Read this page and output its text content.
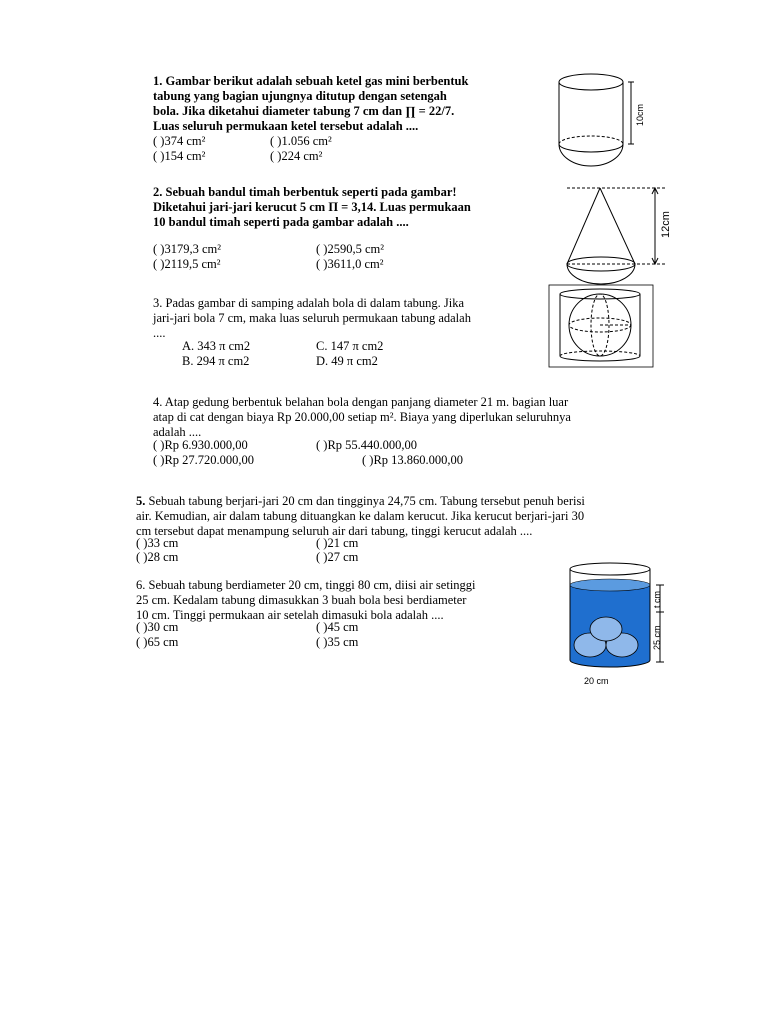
1. Gambar berikut adalah sebuah ketel gas mini berbentuk
tabung yang bagian ujungnya ditutup dengan setengah
bola. Jika diketahui diameter tabung 7 cm dan ∏ = 22/7.
Luas seluruh permukaan ketel tersebut adalah ....
( )374 cm²	( )1.056 cm²
( )154 cm²	( )224 cm²
10cm
2. Sebuah bandul timah berbentuk seperti pada gambar!
Diketahui jari-jari kerucut 5 cm Π = 3,14. Luas permukaan
10 bandul timah seperti pada gambar adalah ....
( )3179,3 cm²	( )2590,5 cm²
( )2119,5 cm²	( )3611,0 cm²
12cm
3. Padas gambar di samping adalah bola di dalam tabung. Jika
jari-jari bola 7 cm, maka luas seluruh permukaan tabung adalah
....
A. 343 π cm2	C. 147 π cm2
B. 294 π cm2	D. 49 π cm2
4. Atap gedung berbentuk belahan bola dengan panjang diameter 21 m. bagian luar
atap di cat dengan biaya Rp 20.000,00 setiap m². Biaya yang diperlukan seluruhnya
adalah ....
( )Rp 6.930.000,00	( )Rp 55.440.000,00
( )Rp 27.720.000,00	( )Rp 13.860.000,00
5. Sebuah tabung berjari-jari 20 cm dan tingginya 24,75 cm. Tabung tersebut penuh berisi
air. Kemudian, air dalam tabung dituangkan ke dalam kerucut. Jika kerucut berjari-jari 30
cm tersebut dapat menampung seluruh air dari tabung, tinggi kerucut adalah ....
( )33 cm	( )21 cm
( )28 cm	( )27 cm
6. Sebuah tabung berdiameter 20 cm, tinggi 80 cm, diisi air setinggi
25 cm. Kedalam tabung dimasukkan 3 buah bola besi berdiameter
10 cm. Tinggi permukaan air setelah dimasuki bola adalah ....
( )30 cm	( )45 cm
( )65 cm	( )35 cm
t cm
25 cm
20 cm
